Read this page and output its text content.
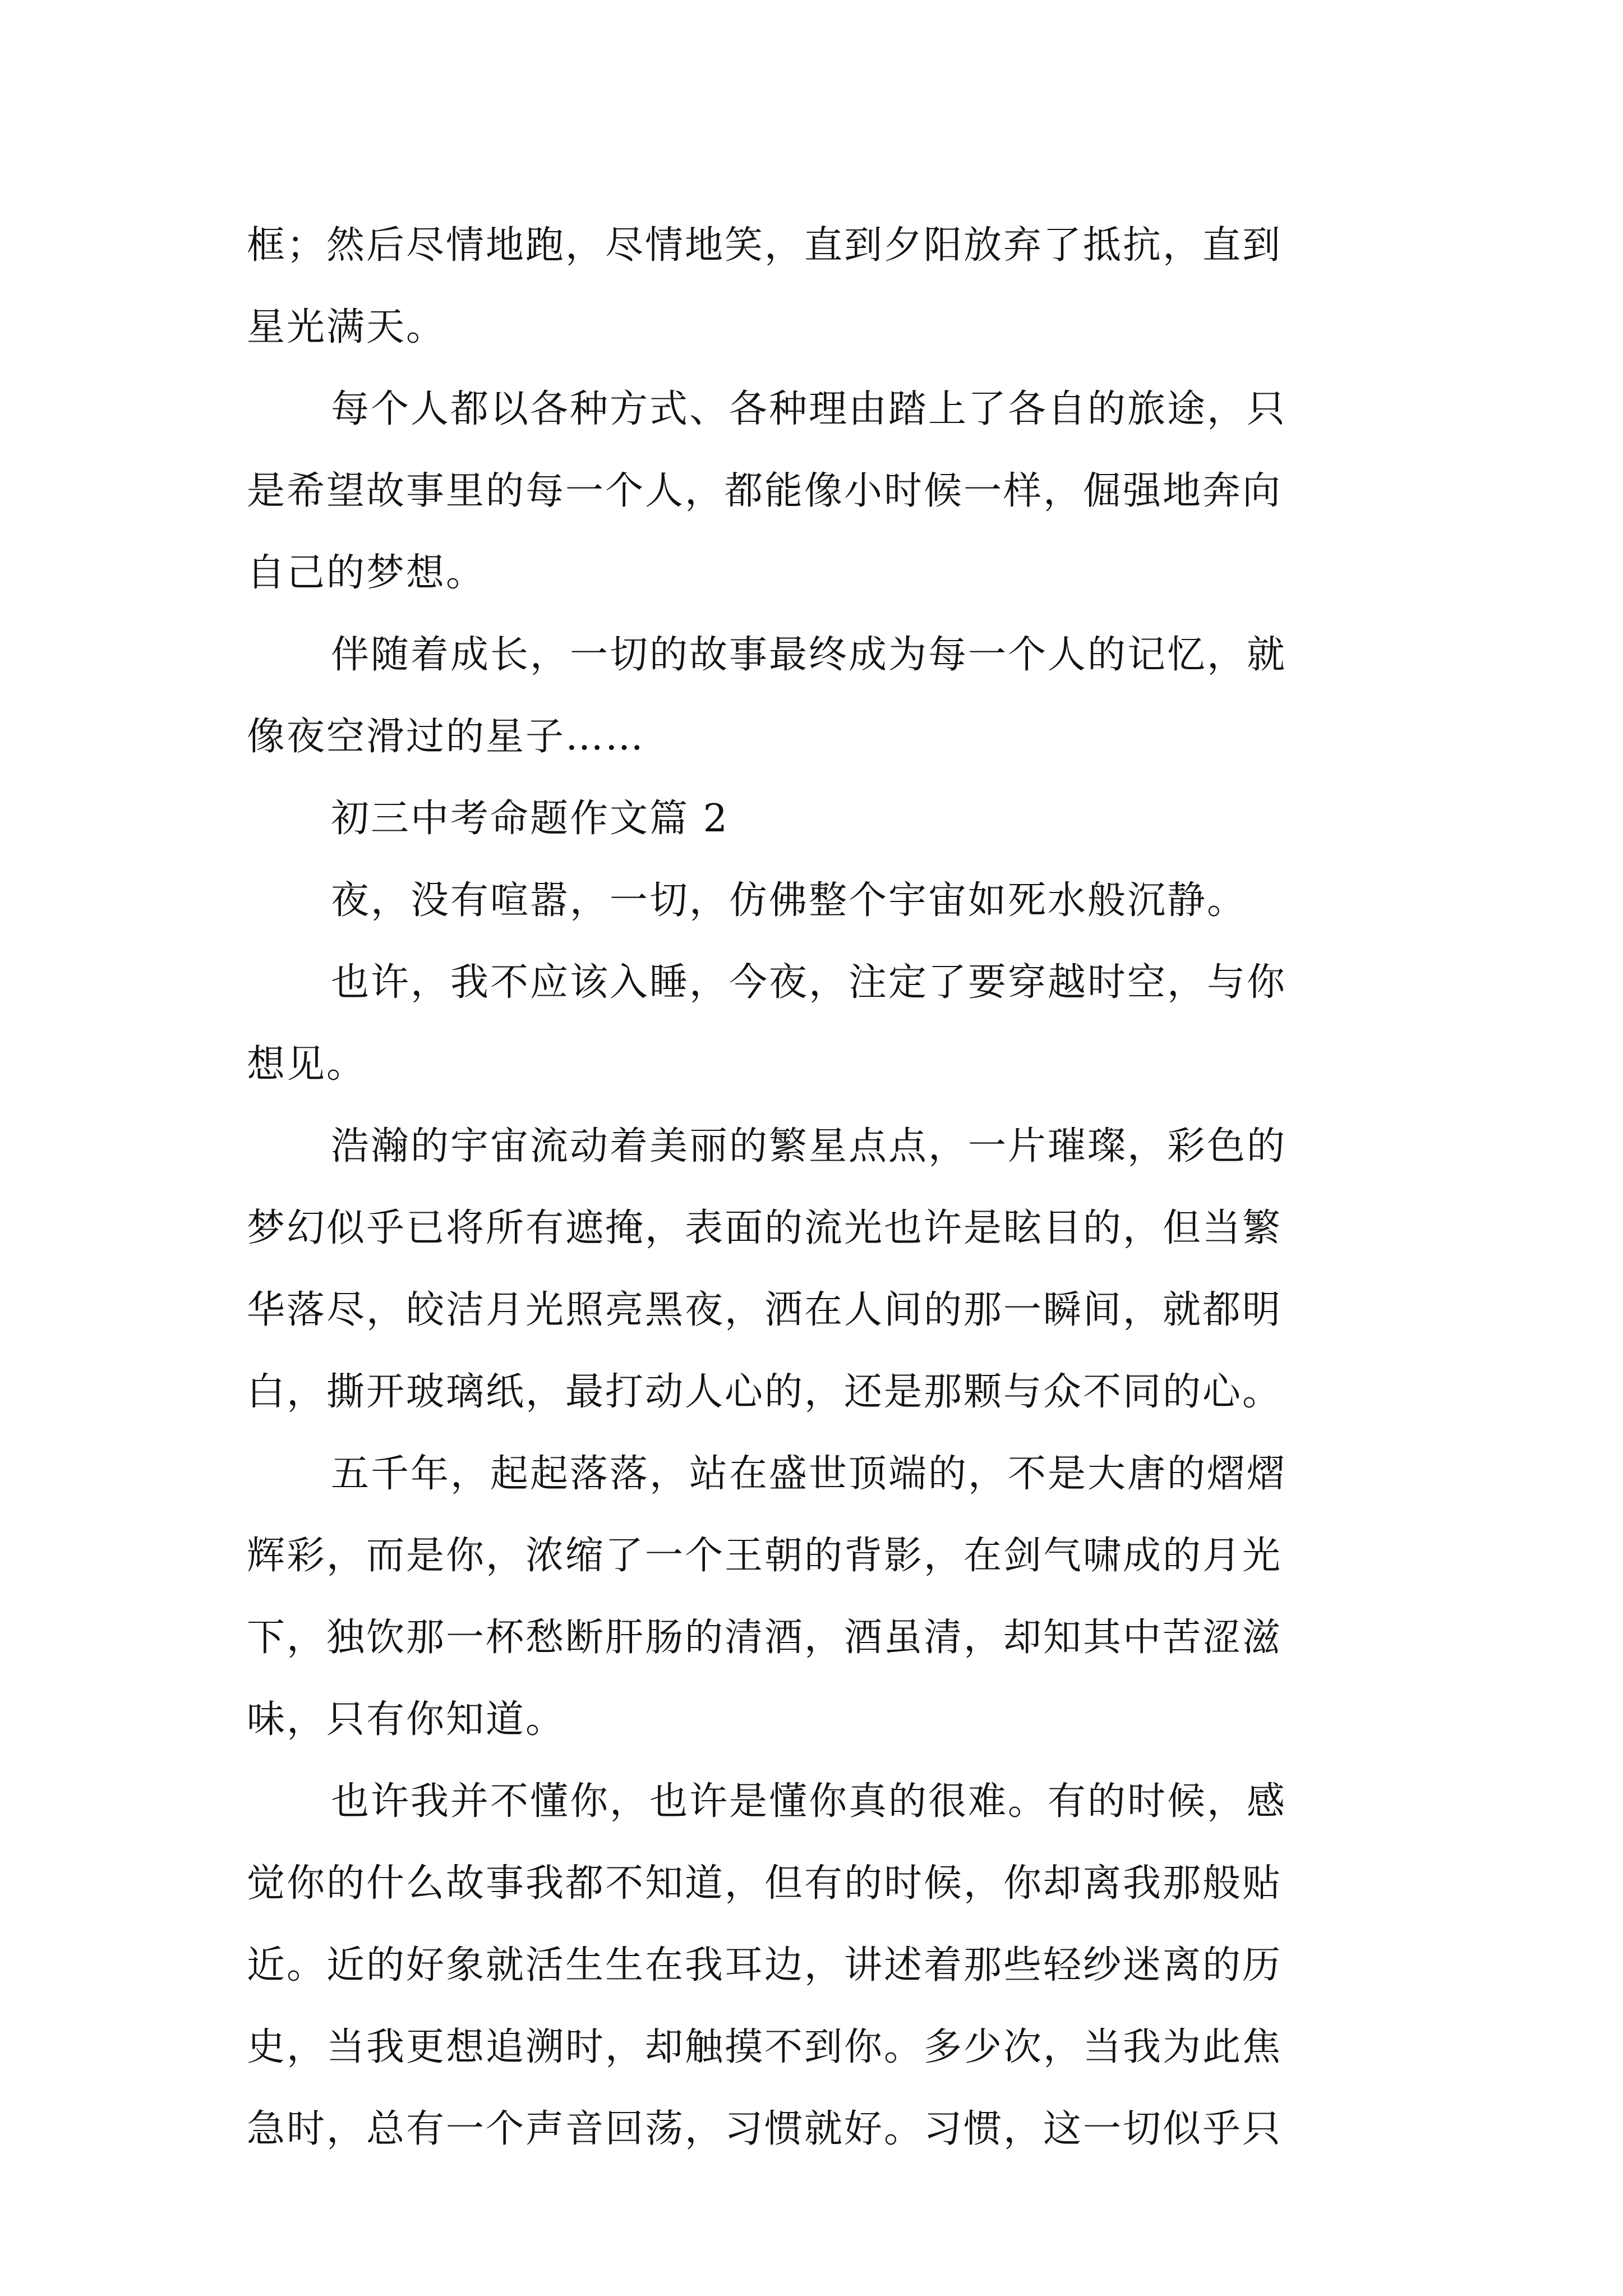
框；然后尽情地跑，尽情地笑，直到夕阳放弃了抵抗，直到
星光满天。
每个人都以各种方式、各种理由踏上了各自的旅途，只
是希望故事里的每一个人，都能像小时候一样，倔强地奔向
自己的梦想。
伴随着成长，一切的故事最终成为每一个人的记忆，就
像夜空滑过的星子……
初三中考命题作文篇 2
夜，没有喧嚣，一切，仿佛整个宇宙如死水般沉静。
也许，我不应该入睡，今夜，注定了要穿越时空，与你
想见。
浩瀚的宇宙流动着美丽的繁星点点，一片璀璨，彩色的
梦幻似乎已将所有遮掩，表面的流光也许是眩目的，但当繁
华落尽，皎洁月光照亮黑夜，洒在人间的那一瞬间，就都明
白，撕开玻璃纸，最打动人心的，还是那颗与众不同的心。
五千年，起起落落，站在盛世顶端的，不是大唐的熠熠
辉彩，而是你，浓缩了一个王朝的背影，在剑气啸成的月光
下，独饮那一杯愁断肝肠的清酒，酒虽清，却知其中苦涩滋
味，只有你知道。
也许我并不懂你，也许是懂你真的很难。有的时候，感
觉你的什么故事我都不知道，但有的时候，你却离我那般贴
近。近的好象就活生生在我耳边，讲述着那些轻纱迷离的历
史，当我更想追溯时，却触摸不到你。多少次，当我为此焦
急时，总有一个声音回荡，习惯就好。习惯，这一切似乎只
